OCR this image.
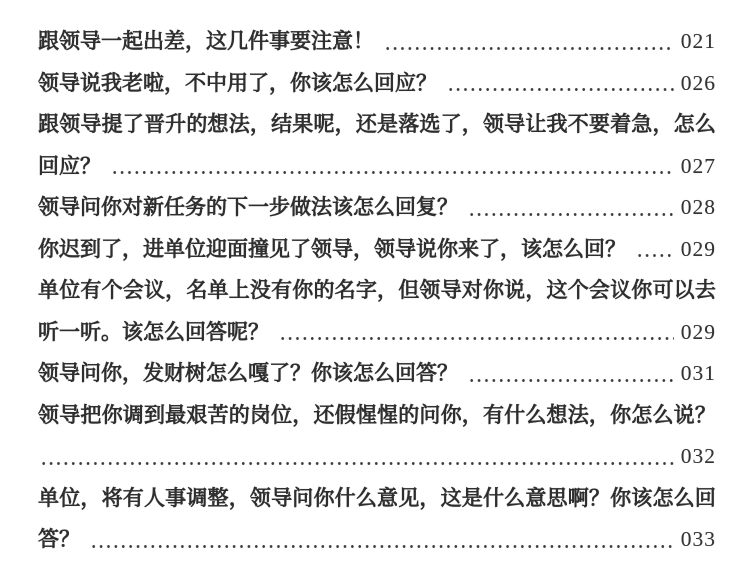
跟领导一起出差，这几件事要注意！	021
领导说我老啦，不中用了，你该怎么回应？	026
跟 领 导 提 了 晋 升 的 想 法 ， 结 果 呢 ， 还 是 落 选 了 ， 领 导 让 我 不 要 着 急 ， 怎 么
回应？	027
领导问你对新任务的下一步做法该怎么回复？	028
你迟到了，进单位迎面撞见了领导，领导说你来了，该怎么回？	029
单 位 有 个 会 议 ， 名 单 上 没 有 你 的 名 字 ， 但 领 导 对 你 说 ， 这 个 会 议 你 可 以 去
听一听。该怎么回答呢？	029
领导问你，发财树怎么嘎了？你该怎么回答？	031
领 导 把 你 调 到 最 艰 苦 的 岗 位 ， 还 假 惺 惺 的 问 你 ， 有 什 么 想 法 ， 你 怎 么 说 ？
032
单 位 ， 将 有 人 事 调 整 ， 领 导 问 你 什 么 意 见 ， 这 是 什 么 意 思 啊 ？ 你 该 怎 么 回
答？	033
